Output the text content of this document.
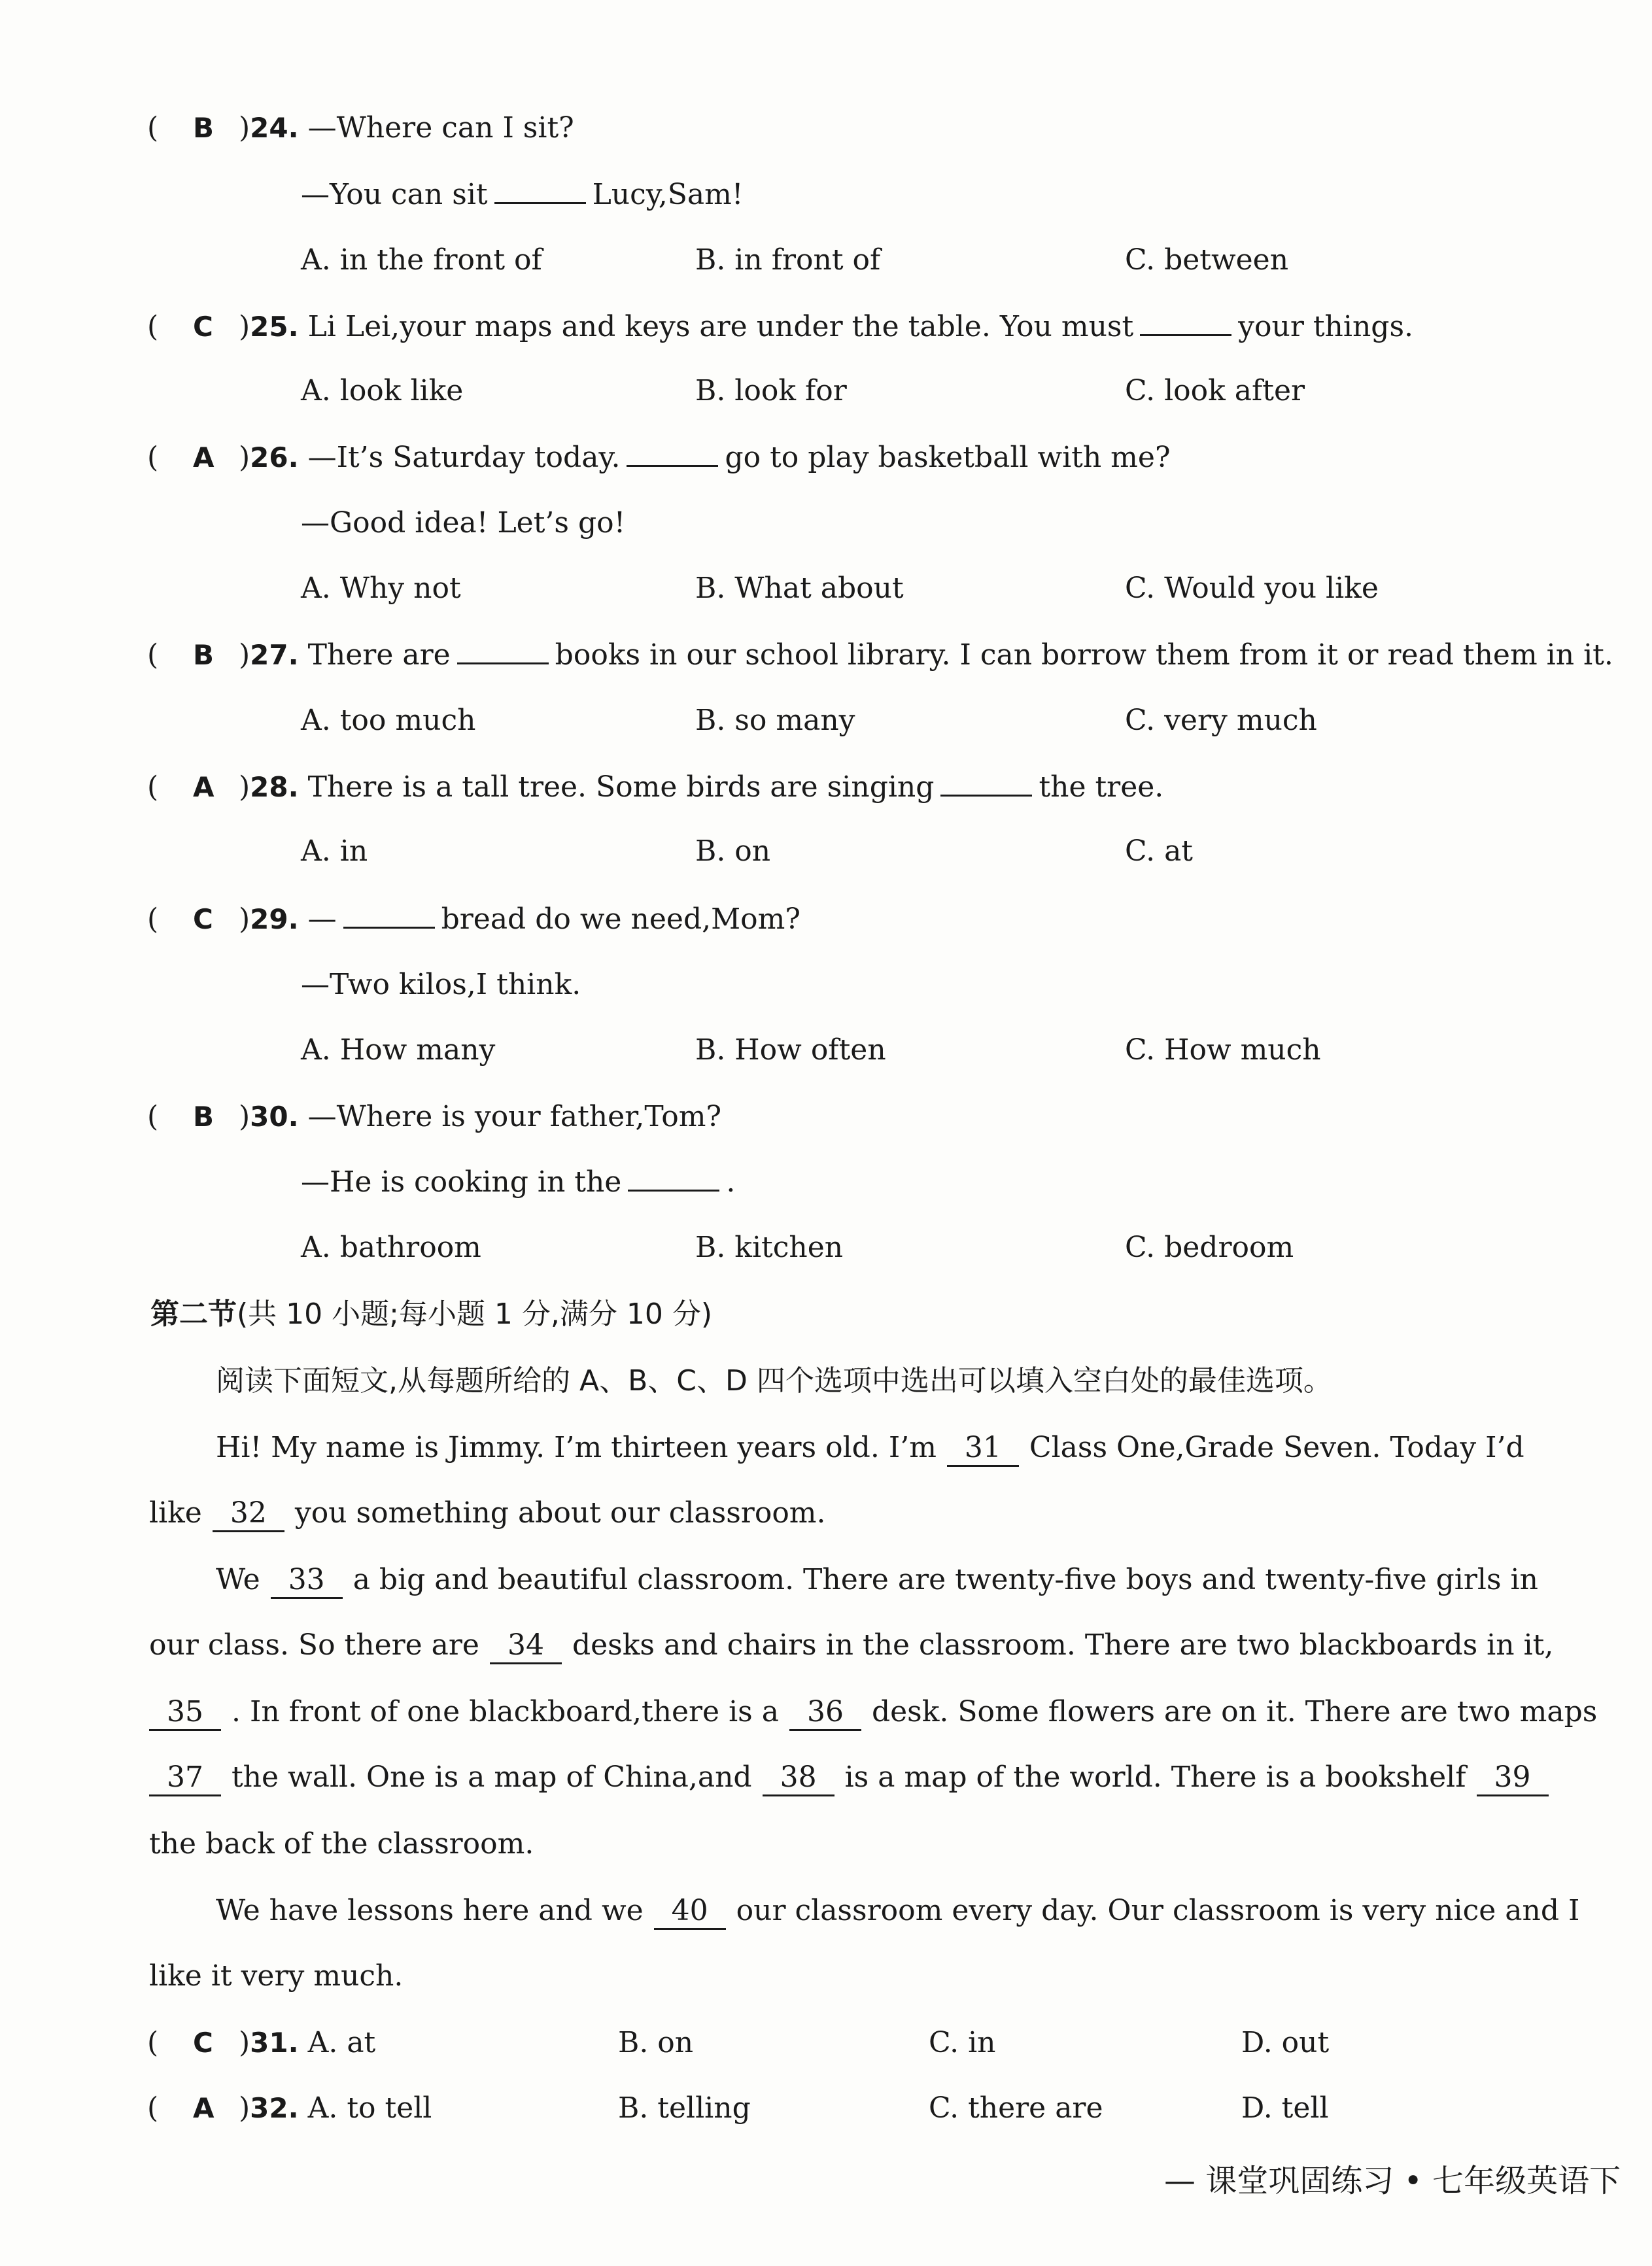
( B )24. —Where can I sit?
—You can sit	Lucy,Sam!
A. in the front of	B. in front of	C. between
( C )25. Li Lei,your maps and keys are under the table. You must	your things.
A. look like	B. look for	C. look after
( A )26. —It’s Saturday today.	go to play basketball with me?
—Good idea! Let’s go!
A. Why not	B. What about	C. Would you like
( B )27. There are	books in our school library. I can borrow them from it or read them in it.
A. too much	B. so many	C. very much
( A )28. There is a tall tree. Some birds are singing	the tree.
A. in	B. on	C. at
( C )29. —	bread do we need,Mom?
—Two kilos,I think.
A. How many	B. How often	C. How much
( B )30. —Where is your father,Tom?
—He is cooking in the	.
A. bathroom	B. kitchen	C. bedroom
第二节(共 10 小题;每小题 1 分,满分 10 分)
阅读下面短文,从每题所给的 A、B、C、D 四个选项中选出可以填入空白处的最佳选项。
Hi! My name is Jimmy. I’m thirteen years old. I’m 31 Class One,Grade Seven. Today I’d
like 32 you something about our classroom.
We 33 a big and beautiful classroom. There are twenty-five boys and twenty-five girls in
our class. So there are 34 desks and chairs in the classroom. There are two blackboards in it,
35 . In front of one blackboard,there is a 36 desk. Some flowers are on it. There are two maps
37 the wall. One is a map of China,and 38 is a map of the world. There is a bookshelf 39
the back of the classroom.
We have lessons here and we 40 our classroom every day. Our classroom is very nice and I
like it very much.
( C )31. A. at	B. on	C. in	D. out
( A )32. A. to tell	B. telling	C. there are	D. tell
— 课堂巩固练习 • 七年级英语下
